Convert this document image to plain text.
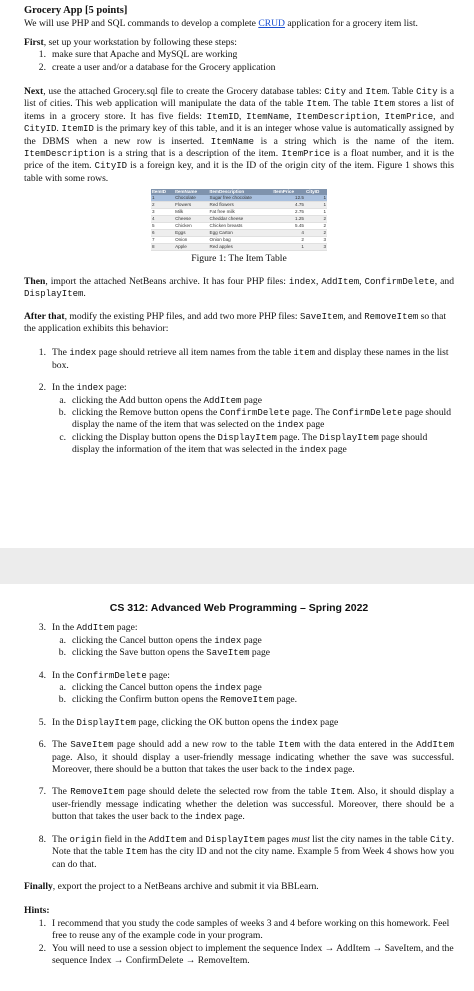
Grocery App [5 points]

We will use PHP and SQL commands to develop a complete CRUD application for a grocery item list.

First, set up your workstation by following these steps:

1. make sure that Apache and MySQL are working
2. create a user and/or a database for the Grocery application

Next, use the attached Grocery.sql file to create the Grocery database tables: City and Item. Table City is a list of cities. This web application will manipulate the data of the table Item. The table Item stores a list of items in a grocery store. It has five fields: ItemID, ItemName, ItemDescription, ItemPrice, and CityID. ItemID is the primary key of this table, and it is an integer whose value is automatically assigned by the DBMS when a new row is inserted. ItemName is a string which is the name of the item. ItemDescription is a string that is a description of the item. ItemPrice is a float number, and it is the price of the item. CityID is a foreign key, and it is the ID of the origin city of the item. Figure 1 shows this table with some rows.

ItemID	ItemName	ItemDescription	ItemPrice	CityID
1	Chocolate	Sugar free chocolate	12.5	1
2	Flowers	Red flowers	4.75	1
3	Milk	Fat free milk	2.75	1
4	Cheese	Cheddar cheese	1.25	2
5	Chicken	Chicken breasts	5.45	2
6	Eggs	Egg Carton	4	2
7	Onion	Onion bag	2	3
8	Apple	Red apples	1	3
Figure 1: The Item Table

Then, import the attached NetBeans archive. It has four PHP files: index, AddItem, ConfirmDelete, and DisplayItem.

After that, modify the existing PHP files, and add two more PHP files: SaveItem, and RemoveItem so that the application exhibits this behavior:

1. The index page should retrieve all item names from the table item and display these names in the list box.
2. In the index page:
a. clicking the Add button opens the AddItem page
b. clicking the Remove button opens the ConfirmDelete page. The ConfirmDelete page should display the name of the item that was selected on the index page
c. clicking the Display button opens the DisplayItem page. The DisplayItem page should display the information of the item that was selected in the index page
CS 312: Advanced Web Programming – Spring 2022
3. In the AddItem page:
a. clicking the Cancel button opens the index page
b. clicking the Save button opens the SaveItem page
4. In the ConfirmDelete page:
a. clicking the Cancel button opens the index page
b. clicking the Confirm button opens the RemoveItem page.
5. In the DisplayItem page, clicking the OK button opens the index page
6. The SaveItem page should add a new row to the table Item with the data entered in the AddItem page. Also, it should display a user-friendly message indicating whether the save was successful. Moreover, there should be a button that takes the user back to the index page.
7. The RemoveItem page should delete the selected row from the table Item. Also, it should display a user-friendly message indicating whether the deletion was successful. Moreover, there should be a button that takes the user back to the index page.
8. The origin field in the AddItem and DisplayItem pages must list the city names in the table City. Note that the table Item has the city ID and not the city name. Example 5 from Week 4 shows how you can do that.

Finally, export the project to a NetBeans archive and submit it via BBLearn.

Hints:

1. I recommend that you study the code samples of weeks 3 and 4 before working on this homework. Feel free to reuse any of the example code in your program.
2. You will need to use a session object to implement the sequence Index → AddItem → SaveItem, and the sequence Index → ConfirmDelete → RemoveItem.
